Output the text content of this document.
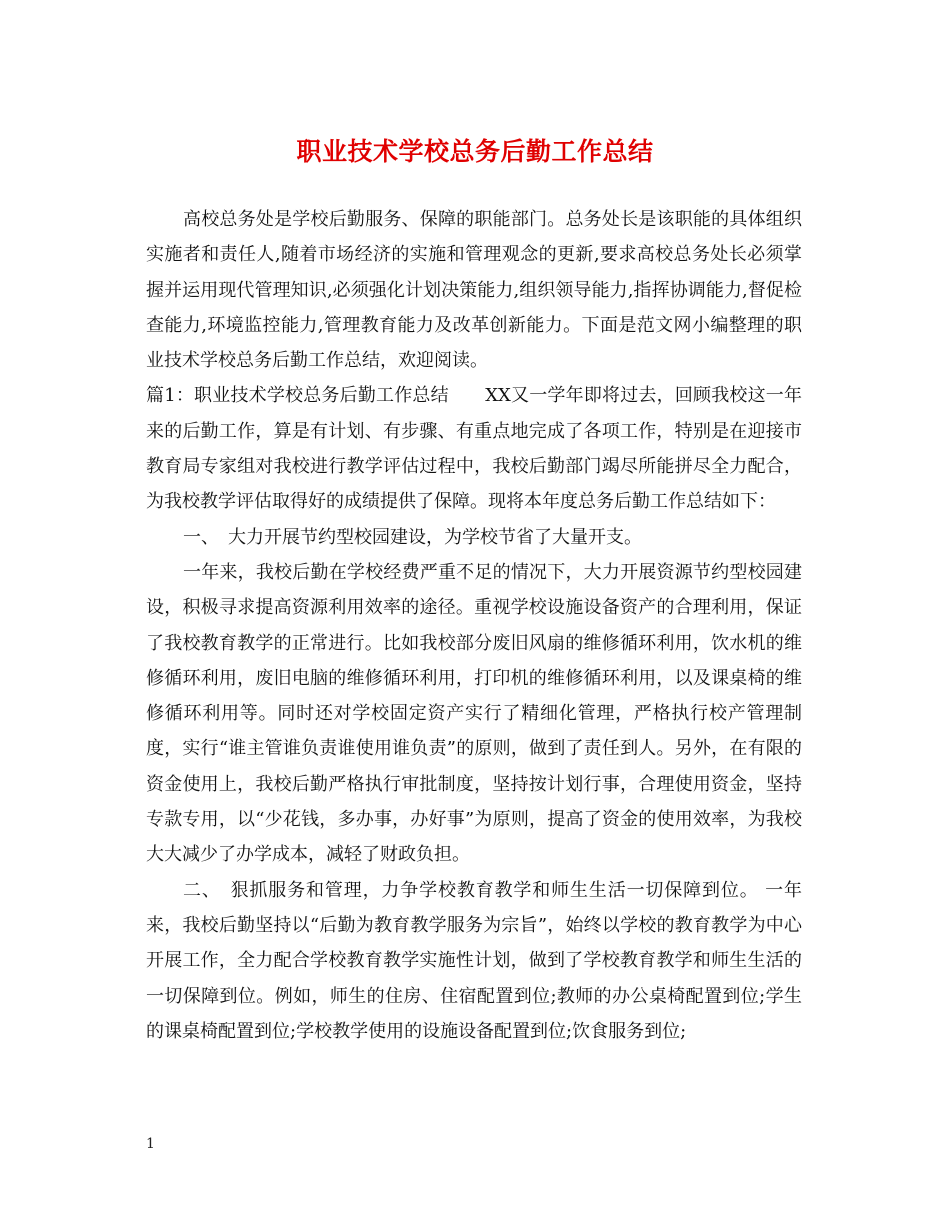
职业技术学校总务后勤工作总结

高校总务处是学校后勤服务、保障的职能部门。总务处长是该职能的具体组织实施者和责任人,随着市场经济的实施和管理观念的更新,要求高校总务处长必须掌握并运用现代管理知识,必须强化计划决策能力,组织领导能力,指挥协调能力,督促检查能力,环境监控能力,管理教育能力及改革创新能力。下面是范文网小编整理的职业技术学校总务后勤工作总结，欢迎阅读。

篇1：职业技术学校总务后勤工作总结　　XX又一学年即将过去，回顾我校这一年来的后勤工作，算是有计划、有步骤、有重点地完成了各项工作，特别是在迎接市教育局专家组对我校进行教学评估过程中，我校后勤部门竭尽所能拼尽全力配合，为我校教学评估取得好的成绩提供了保障。现将本年度总务后勤工作总结如下：

一、　大力开展节约型校园建设，为学校节省了大量开支。

一年来，我校后勤在学校经费严重不足的情况下，大力开展资源节约型校园建设，积极寻求提高资源利用效率的途径。重视学校设施设备资产的合理利用，保证了我校教育教学的正常进行。比如我校部分废旧风扇的维修循环利用，饮水机的维修循环利用，废旧电脑的维修循环利用，打印机的维修循环利用，以及课桌椅的维修循环利用等。同时还对学校固定资产实行了精细化管理，严格执行校产管理制度，实行“谁主管谁负责谁使用谁负责”的原则，做到了责任到人。另外，在有限的资金使用上，我校后勤严格执行审批制度，坚持按计划行事，合理使用资金，坚持专款专用，以“少花钱，多办事，办好事”为原则，提高了资金的使用效率，为我校大大减少了办学成本，减轻了财政负担。

二、　狠抓服务和管理，力争学校教育教学和师生生活一切保障到位。 一年来，我校后勤坚持以“后勤为教育教学服务为宗旨”，始终以学校的教育教学为中心开展工作，全力配合学校教育教学实施性计划，做到了学校教育教学和师生生活的一切保障到位。例如，师生的住房、住宿配置到位;教师的办公桌椅配置到位;学生的课桌椅配置到位;学校教学使用的设施设备配置到位;饮食服务到位;

1
